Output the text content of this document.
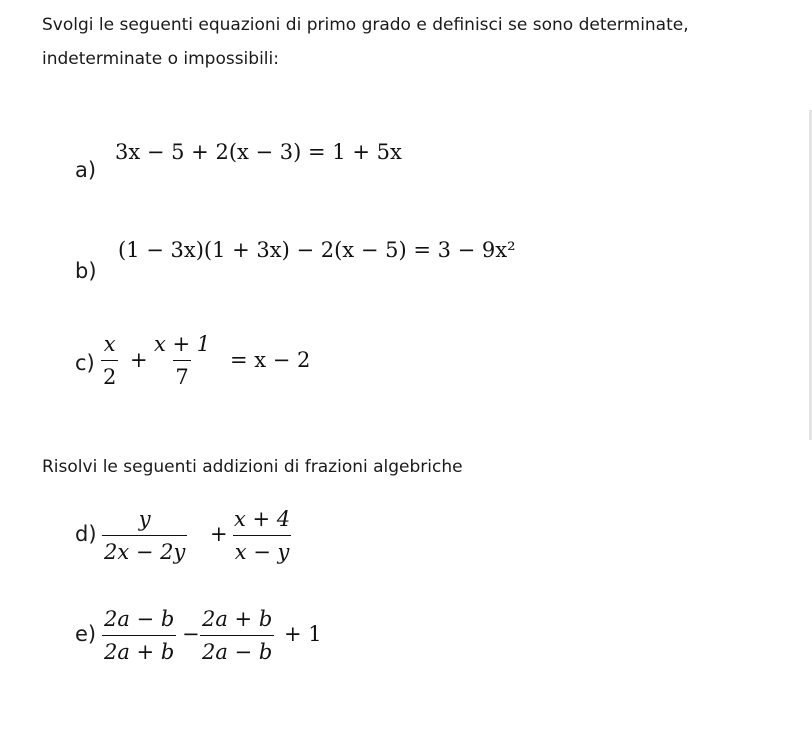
Svolgi le seguenti equazioni di primo grado e definisci se sono determinate,
indeterminate o impossibili:
a)
3x − 5 + 2(x − 3) = 1 + 5x
b)
(1 − 3x)(1 + 3x) − 2(x − 5) = 3 − 9x²
$c) \frac{x}{2} + \frac{x + 1}{7} = x - 2$
Risolvi le seguenti addizioni di frazioni algebriche
$d) \frac{y}{2x - 2y} + \frac{x + 4}{x - y}$
$e) \frac{2a - b}{2a + b} - \frac{2a + b}{2a - b} + 1$
